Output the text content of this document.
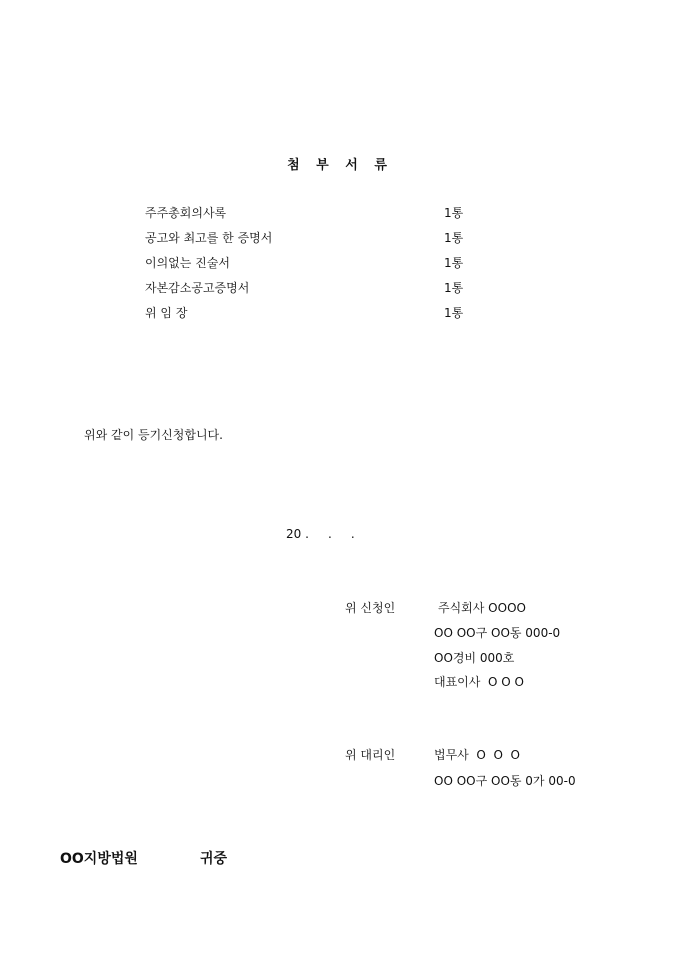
첨 부 서 류
주주총회의사록	1통
공고와 최고를 한 증명서	1통
이의없는 진술서	1통
자본감소공고증명서	1통
위 임 장	1통
위와 같이 등기신청합니다.
20 .     .     .
위 신청인	주식회사 OOOO
OO OO구 OO동 000-0
OO경비 000호
대표이사  O O O
위 대리인	법무사  O  O  O
OO OO구 OO동 0가 00-0
OO지방법원	귀중
